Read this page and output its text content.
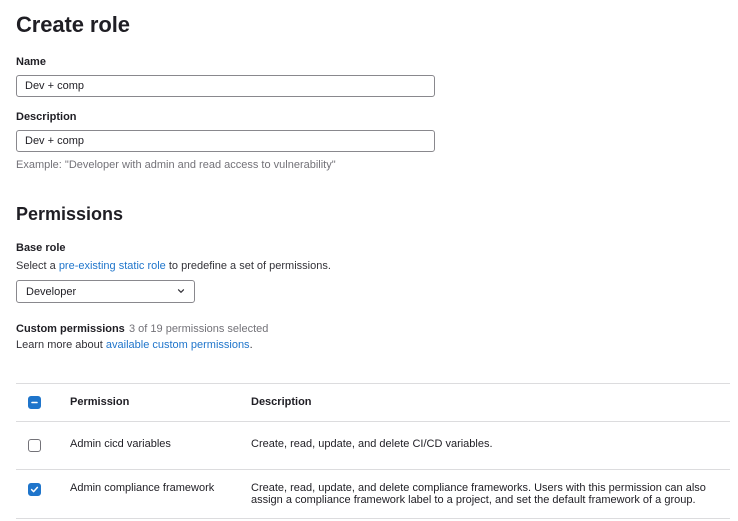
Create role
Name
Dev + comp
Description
Dev + comp
Example: "Developer with admin and read access to vulnerability"
Permissions
Base role
Select a pre-existing static role to predefine a set of permissions.
Developer
Custom permissions 3 of 19 permissions selected
Learn more about available custom permissions.
Permission	Description
Admin cicd variables	Create, read, update, and delete CI/CD variables.
Admin compliance framework	Create, read, update, and delete compliance frameworks. Users with this permission can also
assign a compliance framework label to a project, and set the default framework of a group.
